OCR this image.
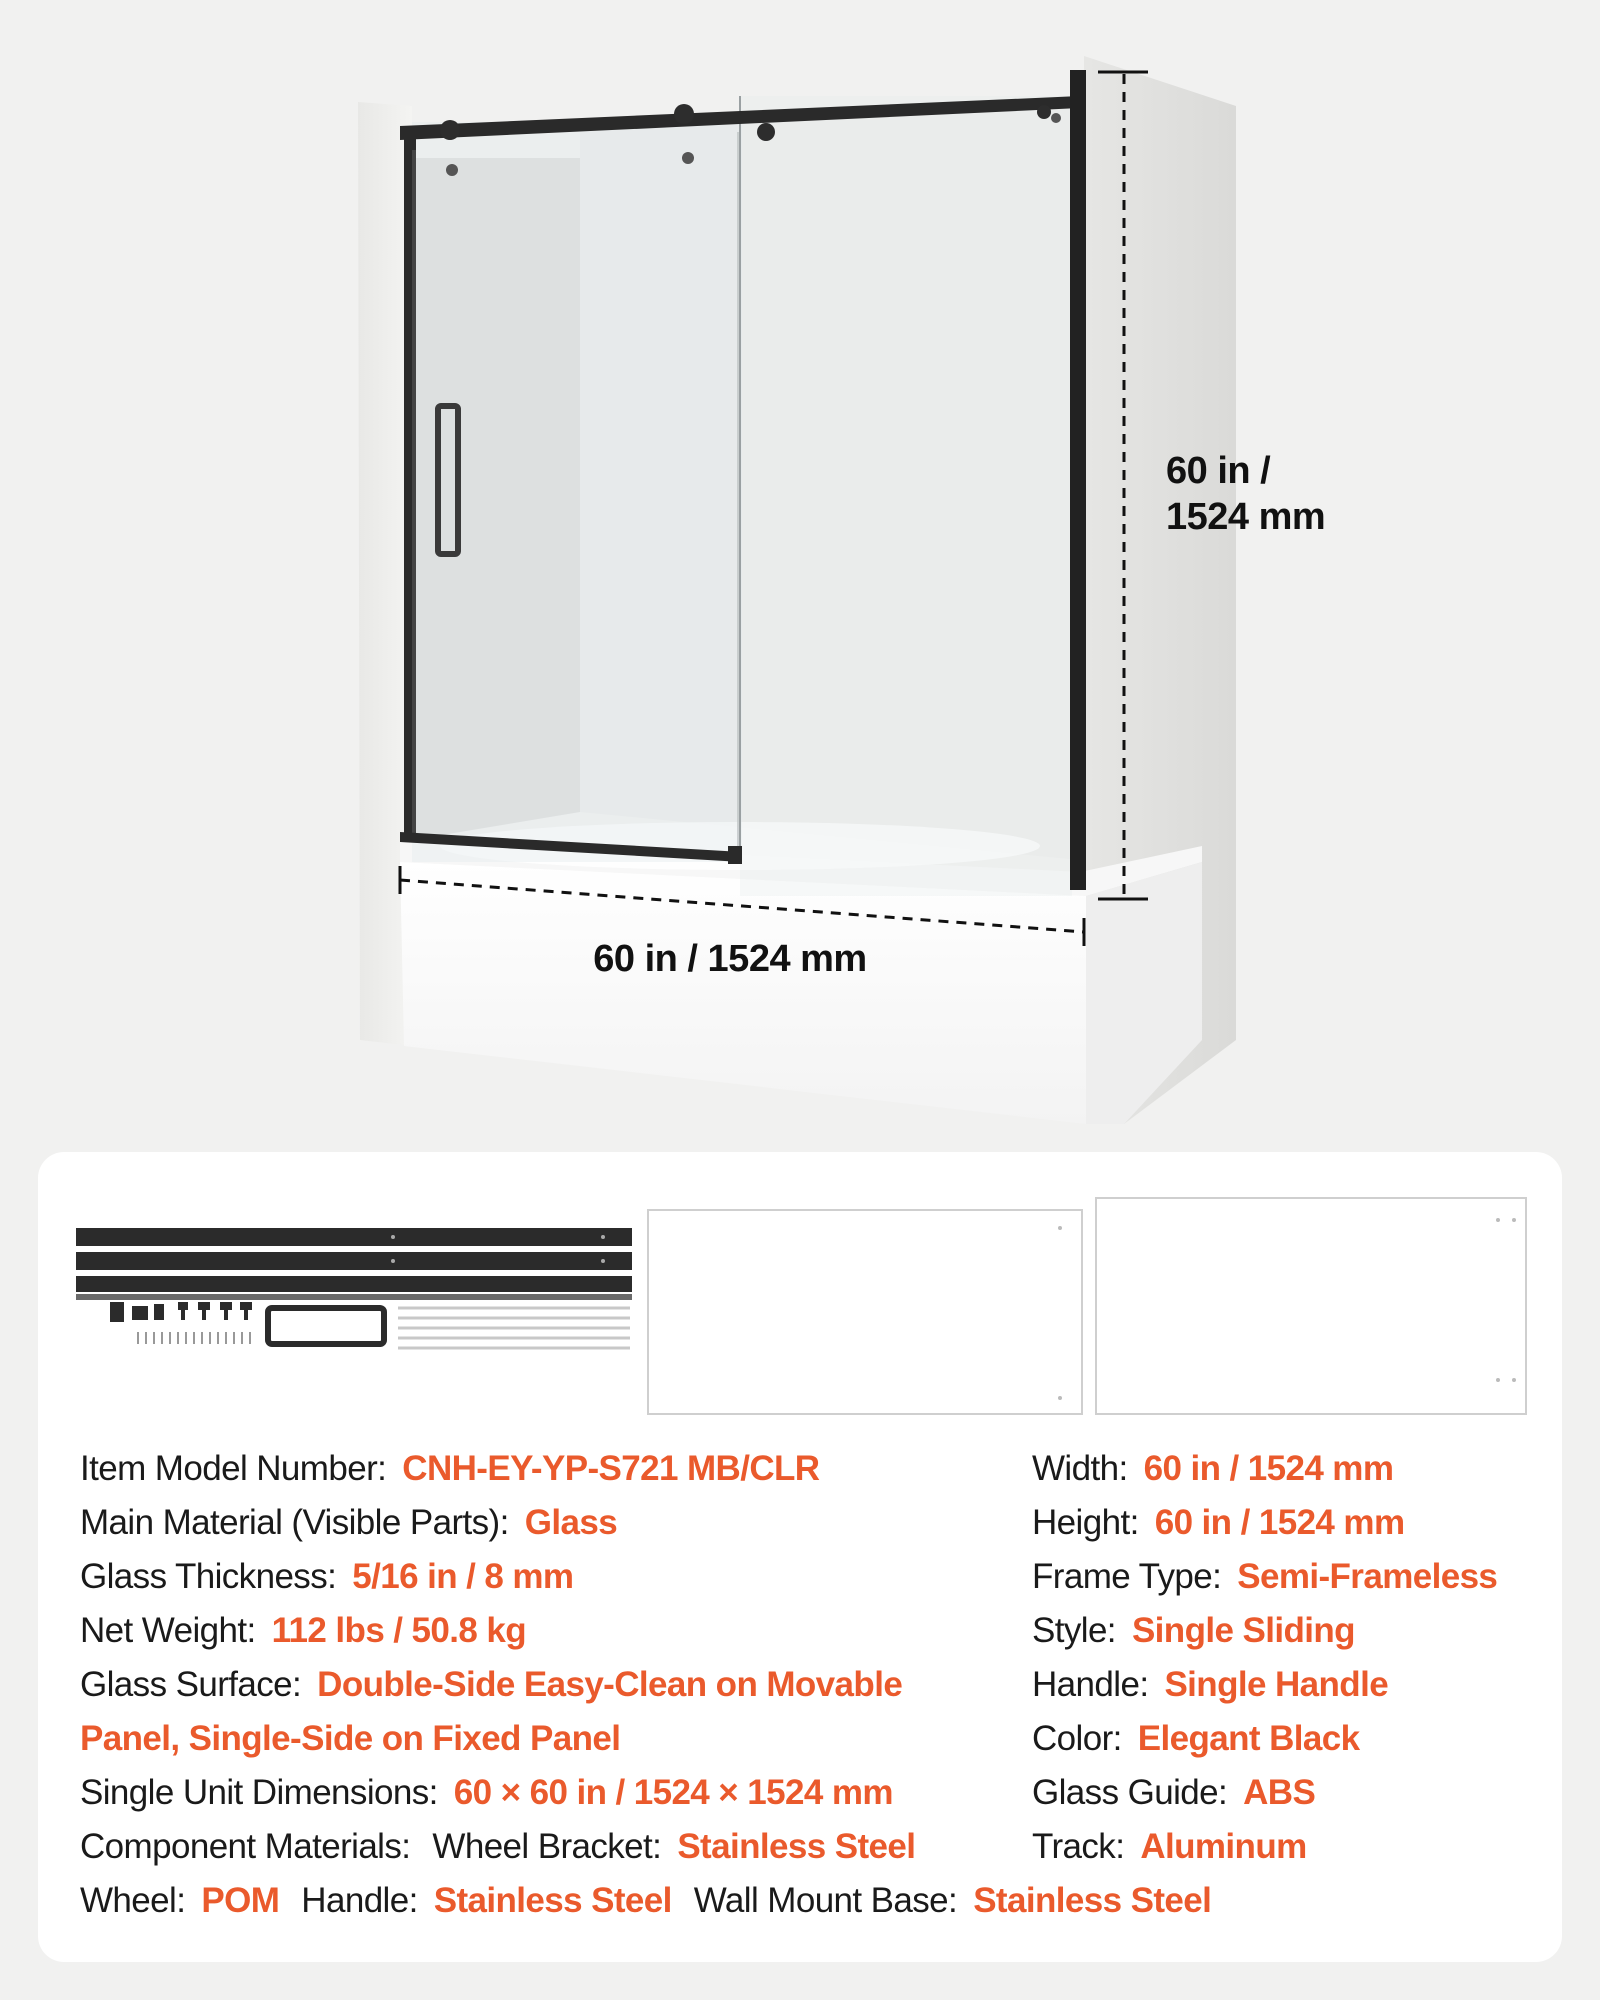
60 in /
1524 mm
60 in / 1524 mm
Item Model Number: CNH-EY-YP-S721 MB/CLR
Main Material (Visible Parts): Glass
Glass Thickness: 5/16 in / 8 mm
Net Weight: 112 lbs / 50.8 kg
Glass Surface: Double-Side Easy-Clean on Movable
Panel, Single-Side on Fixed Panel
Single Unit Dimensions: 60 × 60 in / 1524 × 1524 mm
Component Materials: Wheel Bracket: Stainless Steel
Wheel: POM Handle: Stainless Steel Wall Mount Base: Stainless Steel
Width: 60 in / 1524 mm
Height: 60 in / 1524 mm
Frame Type: Semi-Frameless
Style: Single Sliding
Handle: Single Handle
Color: Elegant Black
Glass Guide: ABS
Track: Aluminum
